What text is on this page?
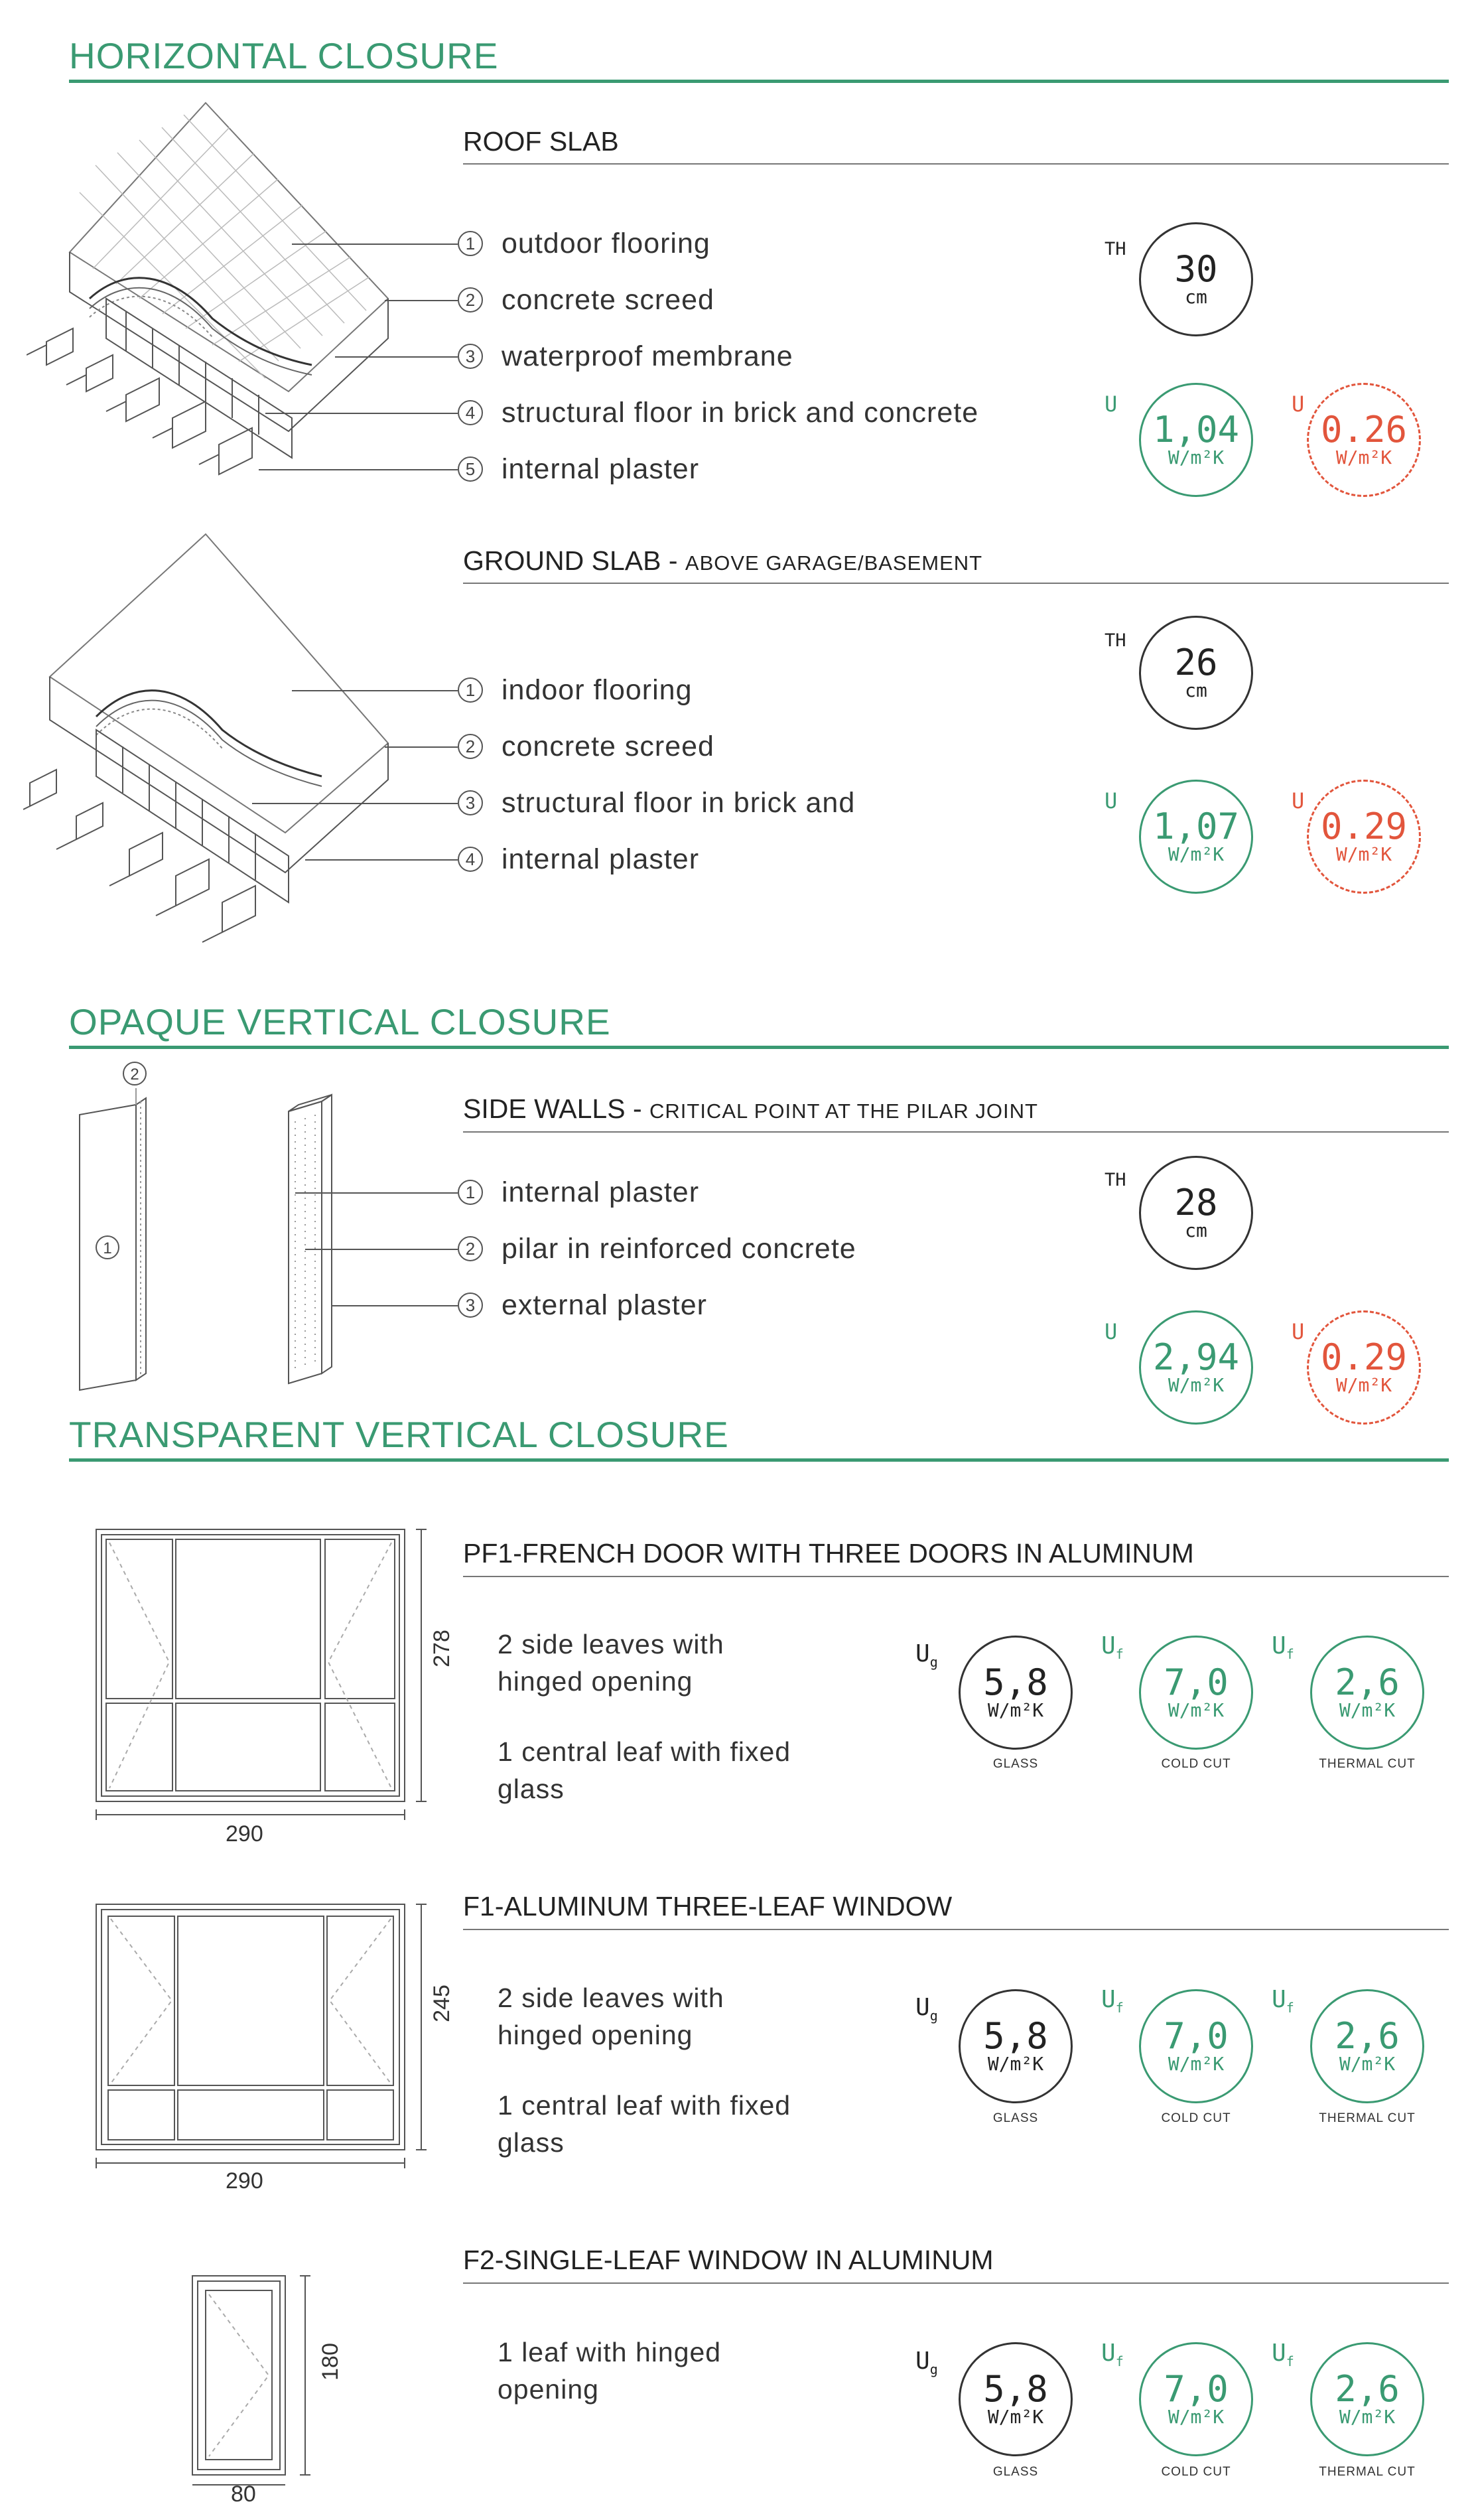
HORIZONTAL CLOSURE
ROOF SLAB
1 outdoor flooring
2 concrete screed
3 waterproof membrane
4 structural floor in brick and concrete
5 internal plaster
TH 30
cm
U
1,04
W/m²K
U
0.26
W/m²K
GROUND SLAB - ABOVE GARAGE/BASEMENT
1 indoor flooring
2 concrete screed
3 structural floor in brick and
4 internal plaster
TH
26
cm
U
1,07
W/m²K
U
0.29
W/m²K
OPAQUE VERTICAL CLOSURE
2
1
SIDE WALLS - CRITICAL POINT AT THE PILAR JOINT
1 internal plaster
2 pilar in reinforced concrete
3 external plaster
TH
28
cm
U
2,94
W/m²K
U
0.29
W/m²K
TRANSPARENT VERTICAL CLOSURE
290
278
PF1-FRENCH DOOR WITH THREE DOORS IN ALUMINUM
2 side leaves with
hinged opening
1 central leaf with fixed
glass
$U_g$ 5,8
W/m²K
GLASS
$U_f$
7,0
W/m²K
COLD CUT
$U_f$
2,6
W/m²K
THERMAL CUT
290
245
F1-ALUMINUM THREE-LEAF WINDOW
2 side leaves with
hinged opening
1 central leaf with fixed
glass
$U_g$ 5,8
W/m²K
GLASS
$U_f$
7,0
W/m²K
COLD CUT
$U_f$
2,6
W/m²K
THERMAL CUT
80
180
F2-SINGLE-LEAF WINDOW IN ALUMINUM
1 leaf with hinged
opening
$U_g$ 5,8
W/m²K
GLASS
$U_f$
7,0
W/m²K
COLD CUT
$U_f$
2,6
W/m²K
THERMAL CUT
